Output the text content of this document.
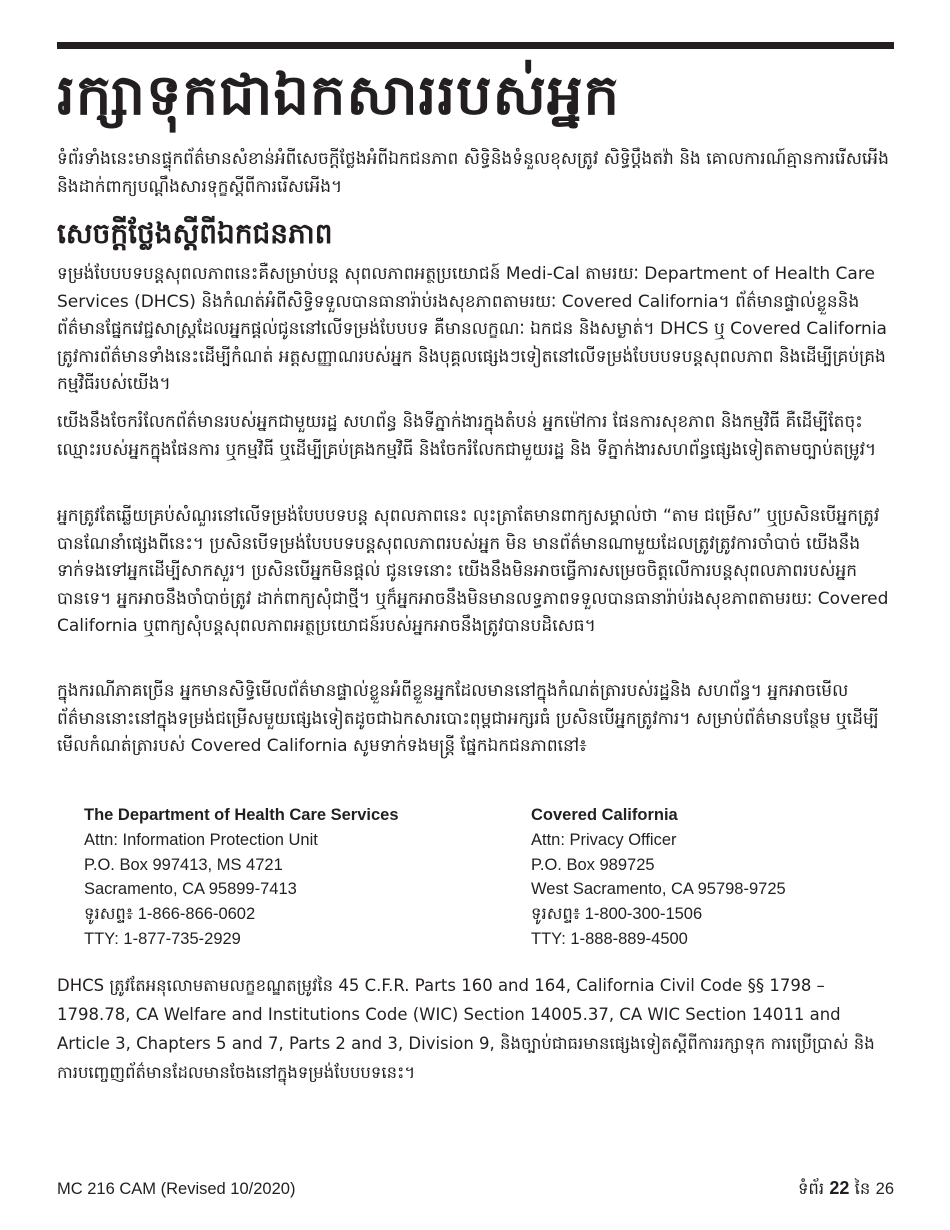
រក្សាទុកជាឯកសាររបស់អ្នក

ទំព័រទាំងនេះមានផ្ទុកព័ត៌មានសំខាន់អំពីសេចក្ដីថ្លែងអំពីឯកជនភាព សិទ្ធិនិងទំនួលខុសត្រូវ សិទ្ធិប្ដឹងតវ៉ា និង គោលការណ៍គ្មានការរើសអើង និងដាក់ពាក្យបណ្ដឹងសារទុក្ខស្ដីពីការរើសអើង។

សេចក្តីថ្លែងស្តីពីឯកជនភាព

ទម្រង់បែបបទបន្តសុពលភាពនេះគឺសម្រាប់បន្ត សុពលភាពអត្ថប្រយោជន៍ Medi-Cal តាមរយៈ Department of Health Care Services (DHCS) និងកំណត់អំពីសិទ្ធិទទួលបានធានារ៉ាប់រងសុខភាពតាមរយៈ Covered California។ ព័ត៌មានផ្ទាល់ខ្លួននិងព័ត៌មានផ្នែកវេជ្ជសាស្ត្រដែលអ្នកផ្ដល់ជូននៅលើទម្រង់បែបបទ គឺមានលក្ខណៈ ឯកជន និងសម្ងាត់។ DHCS ឬ Covered California ត្រូវការព័ត៌មានទាំងនេះដើម្បីកំណត់ អត្តសញ្ញាណរបស់អ្នក និងបុគ្គលផ្សេងៗទៀតនៅលើទម្រង់បែបបទបន្តសុពលភាព និងដើម្បីគ្រប់គ្រងកម្មវិធីរបស់យើង។

យើងនឹងចែករំលែកព័ត៌មានរបស់អ្នកជាមួយរដ្ឋ សហព័ន្ធ និងទីភ្នាក់ងារក្នុងតំបន់ អ្នកម៉ៅការ ផែនការសុខភាព និងកម្មវិធី គឺដើម្បីតែចុះឈ្មោះរបស់អ្នកក្នុងផែនការ ឬកម្មវិធី ឬដើម្បីគ្រប់គ្រងកម្មវិធី និងចែករំលែកជាមួយរដ្ឋ និង ទីភ្នាក់ងារសហព័ន្ធផ្សេងទៀតតាមច្បាប់តម្រូវ។

អ្នកត្រូវតែឆ្លើយគ្រប់សំណួរនៅលើទម្រង់បែបបទបន្ត សុពលភាពនេះ លុះត្រាតែមានពាក្យសម្គាល់ថា “តាម ជម្រើស” ឬប្រសិនបើអ្នកត្រូវបានណែនាំផ្សេងពីនេះ។ ប្រសិនបើទម្រង់បែបបទបន្តសុពលភាពរបស់អ្នក មិន មានព័ត៌មានណាមួយដែលត្រូវត្រូវការចាំបាច់ យើងនឹងទាក់ទងទៅអ្នកដើម្បីសាកសួរ។ ប្រសិនបើអ្នកមិនផ្ដល់ ជូនទេនោះ យើងនឹងមិនអាចធ្វើការសម្រេចចិត្តលើការបន្តសុពលភាពរបស់អ្នកបានទេ។ អ្នកអាចនឹងចាំបាច់ត្រូវ ដាក់ពាក្យសុំជាថ្មី។ ឬក៏អ្នកអាចនឹងមិនមានលទ្ធភាពទទួលបានធានារ៉ាប់រងសុខភាពតាមរយៈ Covered California ឬពាក្យសុំបន្តសុពលភាពអត្ថប្រយោជន៍របស់អ្នកអាចនឹងត្រូវបានបដិសេធ។

ក្នុងករណីភាគច្រើន អ្នកមានសិទ្ធិមើលព័ត៌មានផ្ទាល់ខ្លួនអំពីខ្លួនអ្នកដែលមាននៅក្នុងកំណត់ត្រារបស់រដ្ឋនិង សហព័ន្ធ។ អ្នកអាចមើលព័ត៌មាននោះនៅក្នុងទម្រង់ជម្រើសមួយផ្សេងទៀតដូចជាឯកសារបោះពុម្ពជាអក្សរធំ ប្រសិនបើអ្នកត្រូវការ។ សម្រាប់ព័ត៌មានបន្ថែម ឬដើម្បីមើលកំណត់ត្រារបស់ Covered California សូមទាក់ទងមន្ត្រី ផ្នែកឯកជនភាពនៅ៖

The Department of Health Care Services
Attn: Information Protection Unit
P.O. Box 997413, MS 4721
Sacramento, CA 95899-7413
ទូរសព្ទ៖ 1-866-866-0602
TTY: 1-877-735-2929
Covered California
Attn: Privacy Officer
P.O. Box 989725
West Sacramento, CA 95798-9725
ទូរសព្ទ៖ 1-800-300-1506
TTY: 1-888-889-4500

DHCS ត្រូវតែអនុលោមតាមលក្ខខណ្ឌតម្រូវនៃ 45 C.F.R. Parts 160 and 164, California Civil Code §§ 1798 – 1798.78, CA Welfare and Institutions Code (WIC) Section 14005.37, CA WIC Section 14011 and Article 3, Chapters 5 and 7, Parts 2 and 3, Division 9, និងច្បាប់ជាធរមានផ្សេងទៀតស្ដីពីការរក្សាទុក ការប្រើប្រាស់ និង ការបញ្ចេញព័ត៌មានដែលមានចែងនៅក្នុងទម្រង់បែបបទនេះ។

MC 216 CAM (Revised 10/2020)	ទំព័រ 22 នៃ 26
